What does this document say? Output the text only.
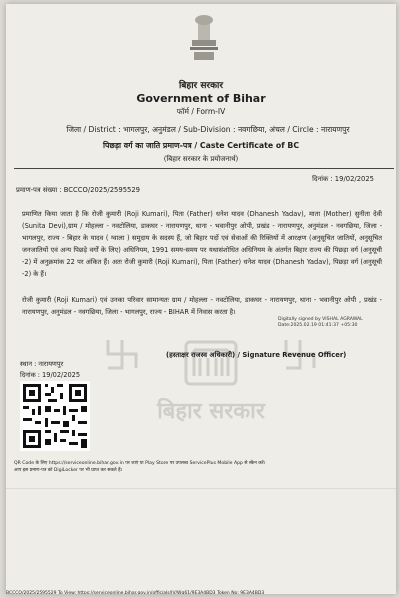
बिहार सरकार
Government of Bihar
फॉर्म / Form-IV
जिला / District : भागलपुर, अनुमंडल / Sub-Division : नवगछिया, अंचल / Circle : नारायणपुर
पिछड़ा वर्ग का जाति प्रमाण-पत्र / Caste Certificate of BC
(बिहार सरकार के प्रयोजनार्थ)
दिनांक : 19/02/2025
प्रमाण-पत्र संख्या : BCCCO/2025/2595529
बिहार सरकार
प्रमाणित किया जाता है कि रोजी कुमारी (Roji Kumari), पिता (Father) धनेश यादव (Dhanesh Yadav), माता (Mother) सुनीता देवी (Sunita Devi),ग्राम / मोहल्ला - नवटोलिया, डाकघर - नारायणपुर, थाना - भवानीपुर ओपी, प्रखंड - नारायणपुर, अनुमंडल - नवगछिया, जिला - भागलपुर, राज्य - बिहार के यादव ( ग्वाला ) समुदाय के सदस्य हैं, जो बिहार पदों एवं सेवाओं की रिक्तियों में आरक्षण (अनुसूचित जातियों, अनुसूचित जनजातियों एवं अन्य पिछड़े वर्गों के लिए) अधिनियम, 1991 समय-समय पर यथासंशोधित अधिनियम के अंतर्गत बिहार राज्य की पिछड़ा वर्ग (अनुसूची -2) में अनुक्रमांक 22 पर अंकित हैं। अतः रोजी कुमारी (Roji Kumari), पिता (Father) धनेश यादव (Dhanesh Yadav), पिछड़ा वर्ग (अनुसूची -2) के हैं।
रोजी कुमारी (Roji Kumari) एवं उनका परिवार सामान्यतः ग्राम / मोहल्ला - नवटोलिया, डाकघर - नारायणपुर, थाना - भवानीपुर ओपी , प्रखंड - नारायणपुर, अनुमंडल - नवगछिया, जिला - भागलपुर, राज्य - BIHAR में निवास करता है।
Digitally signed by VISHAL AGRAWAL
Date:2025.02.19 01:41:37 +05:30
(हस्ताक्षर राजस्व अधिकारी) / Signature Revenue Officer)
स्थान : नारायणपुर
दिनांक : 19/02/2025
QR Code के लिए https://serviceonline.bihar.gov.in पर जाएं या Play Store पर उपलब्ध ServicePlus Mobile App से स्कैन करें।
आप इस प्रमाण-पत्र को DigiLocker पर भी प्राप्त कर सकते हैं।
BCCCO/2025/2595529 To View: https://serviceonline.bihar.gov.in/officials/IV/Wg61/9E3A4BD3 Token No: 9E3A4BD3
